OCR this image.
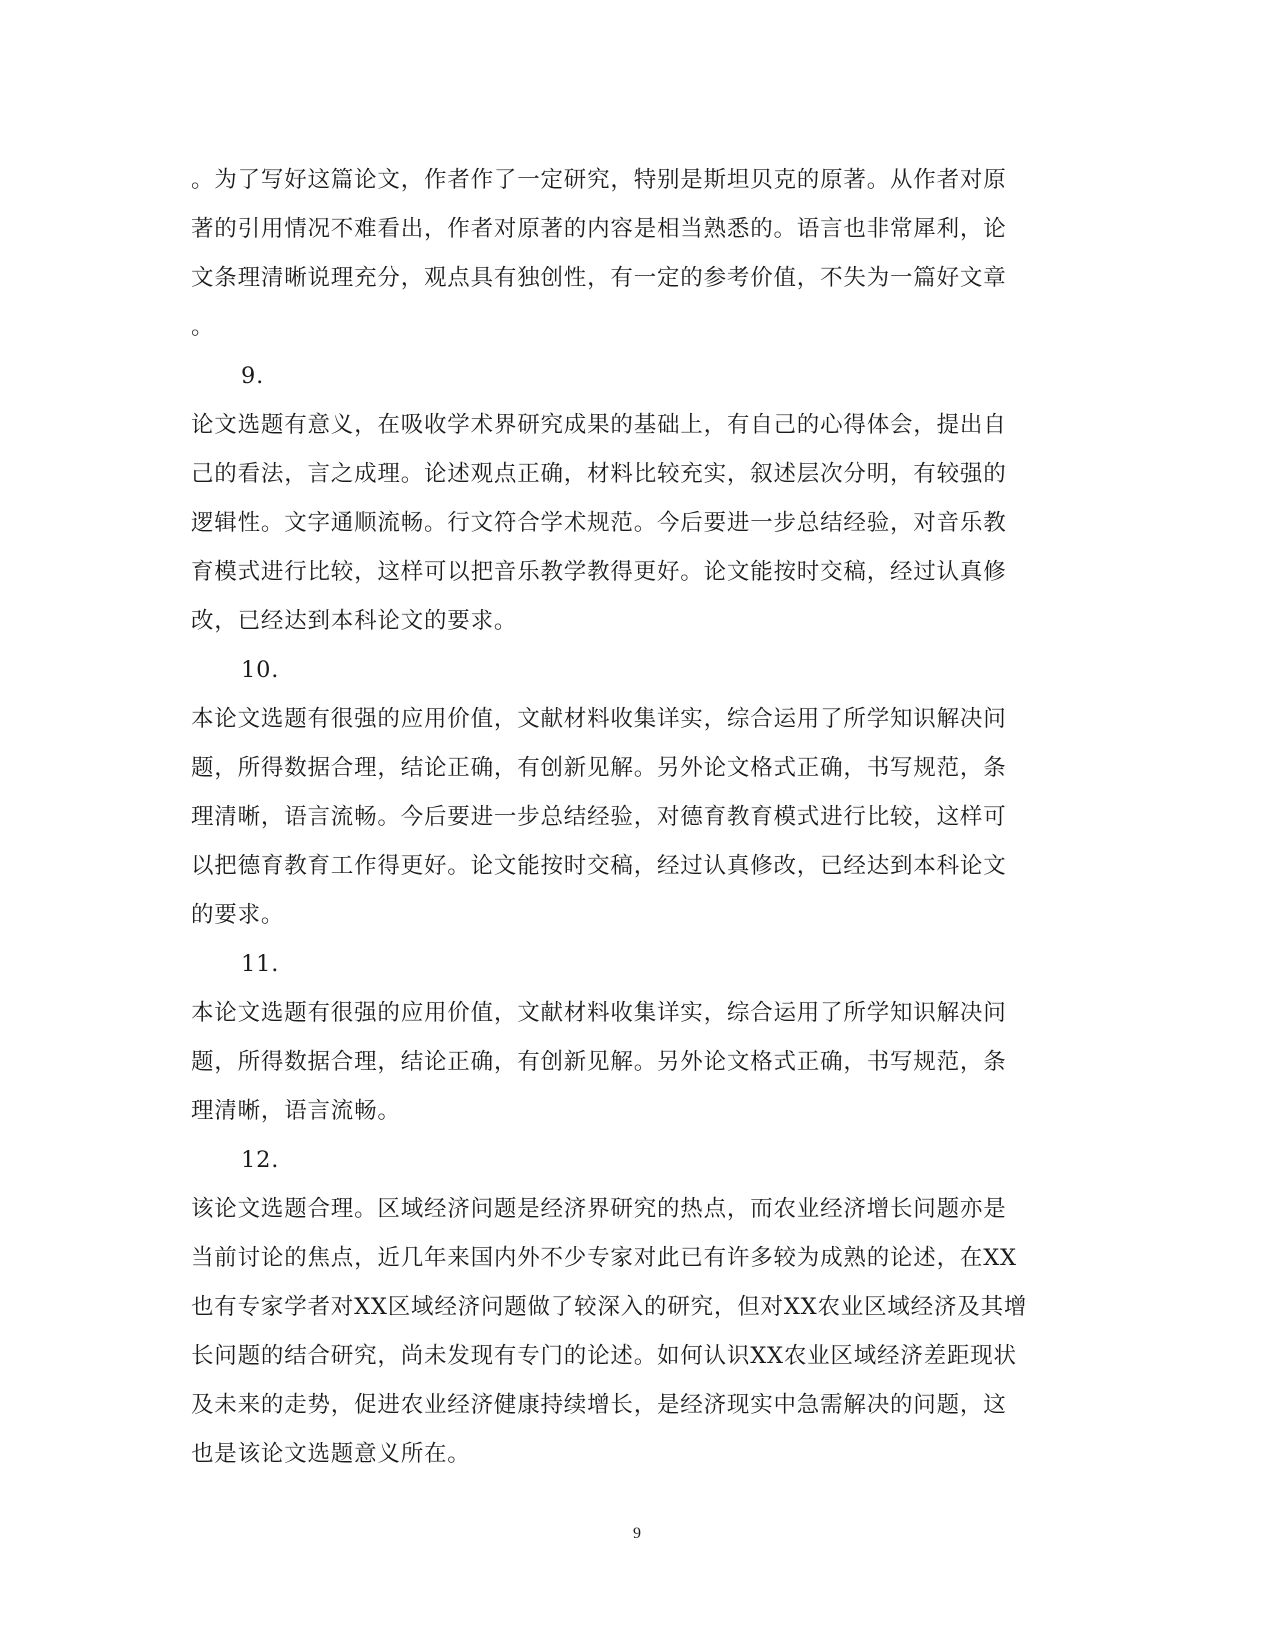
。为了写好这篇论文，作者作了一定研究，特别是斯坦贝克的原著。从作者对原
著的引用情况不难看出，作者对原著的内容是相当熟悉的。语言也非常犀利，论
文条理清晰说理充分，观点具有独创性，有一定的参考价值，不失为一篇好文章
。
9.
论文选题有意义，在吸收学术界研究成果的基础上，有自己的心得体会，提出自
己的看法，言之成理。论述观点正确，材料比较充实，叙述层次分明，有较强的
逻辑性。文字通顺流畅。行文符合学术规范。今后要进一步总结经验，对音乐教
育模式进行比较，这样可以把音乐教学教得更好。论文能按时交稿，经过认真修
改，已经达到本科论文的要求。
10.
本论文选题有很强的应用价值，文献材料收集详实，综合运用了所学知识解决问
题，所得数据合理，结论正确，有创新见解。另外论文格式正确，书写规范，条
理清晰，语言流畅。今后要进一步总结经验，对德育教育模式进行比较，这样可
以把德育教育工作得更好。论文能按时交稿，经过认真修改，已经达到本科论文
的要求。
11.
本论文选题有很强的应用价值，文献材料收集详实，综合运用了所学知识解决问
题，所得数据合理，结论正确，有创新见解。另外论文格式正确，书写规范，条
理清晰，语言流畅。
12.
该论文选题合理。区域经济问题是经济界研究的热点，而农业经济增长问题亦是
当前讨论的焦点，近几年来国内外不少专家对此已有许多较为成熟的论述，在XX
也有专家学者对XX区域经济问题做了较深入的研究，但对XX农业区域经济及其增
长问题的结合研究，尚未发现有专门的论述。如何认识XX农业区域经济差距现状
及未来的走势，促进农业经济健康持续增长，是经济现实中急需解决的问题，这
也是该论文选题意义所在。
9
